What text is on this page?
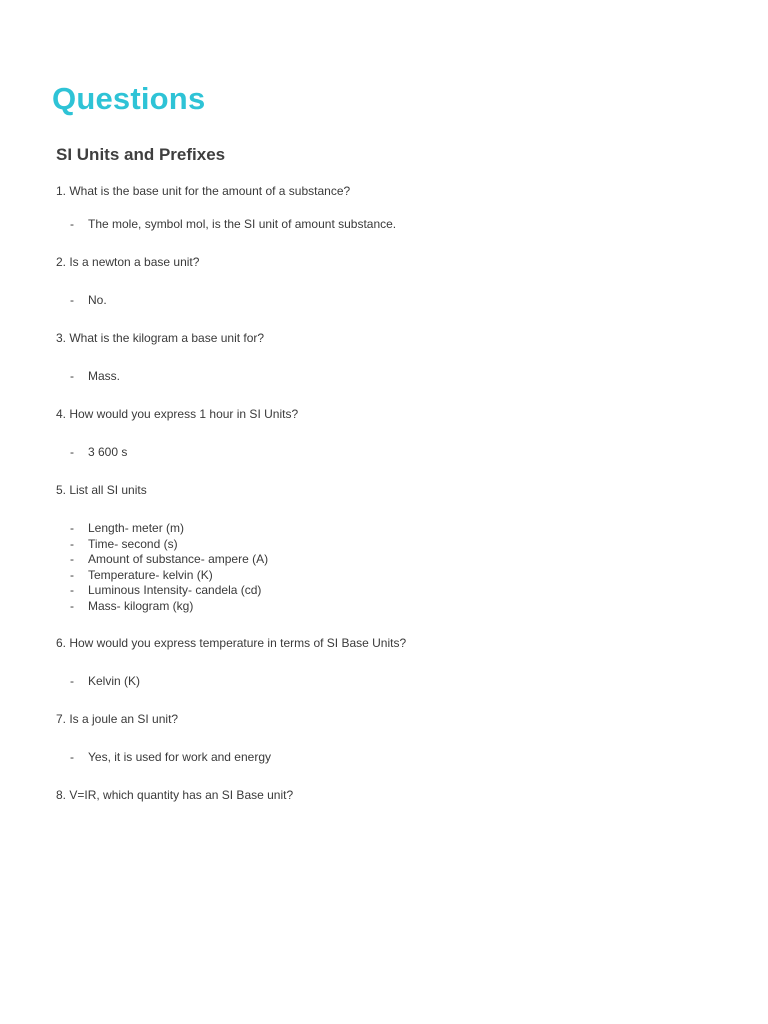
Questions
SI Units and Prefixes

1. What is the base unit for the amount of a substance?

- The mole, symbol mol, is the SI unit of amount substance.

2. Is a newton a base unit?

- No.

3. What is the kilogram a base unit for?

- Mass.

4. How would you express 1 hour in SI Units?

- 3 600 s

5. List all SI units

- Length- meter (m)
- Time- second (s)
- Amount of substance- ampere (A)
- Temperature- kelvin (K)
- Luminous Intensity- candela (cd)
- Mass- kilogram (kg)

6. How would you express temperature in terms of SI Base Units?

- Kelvin (K)

7. Is a joule an SI unit?

- Yes, it is used for work and energy

8. V=IR, which quantity has an SI Base unit?
